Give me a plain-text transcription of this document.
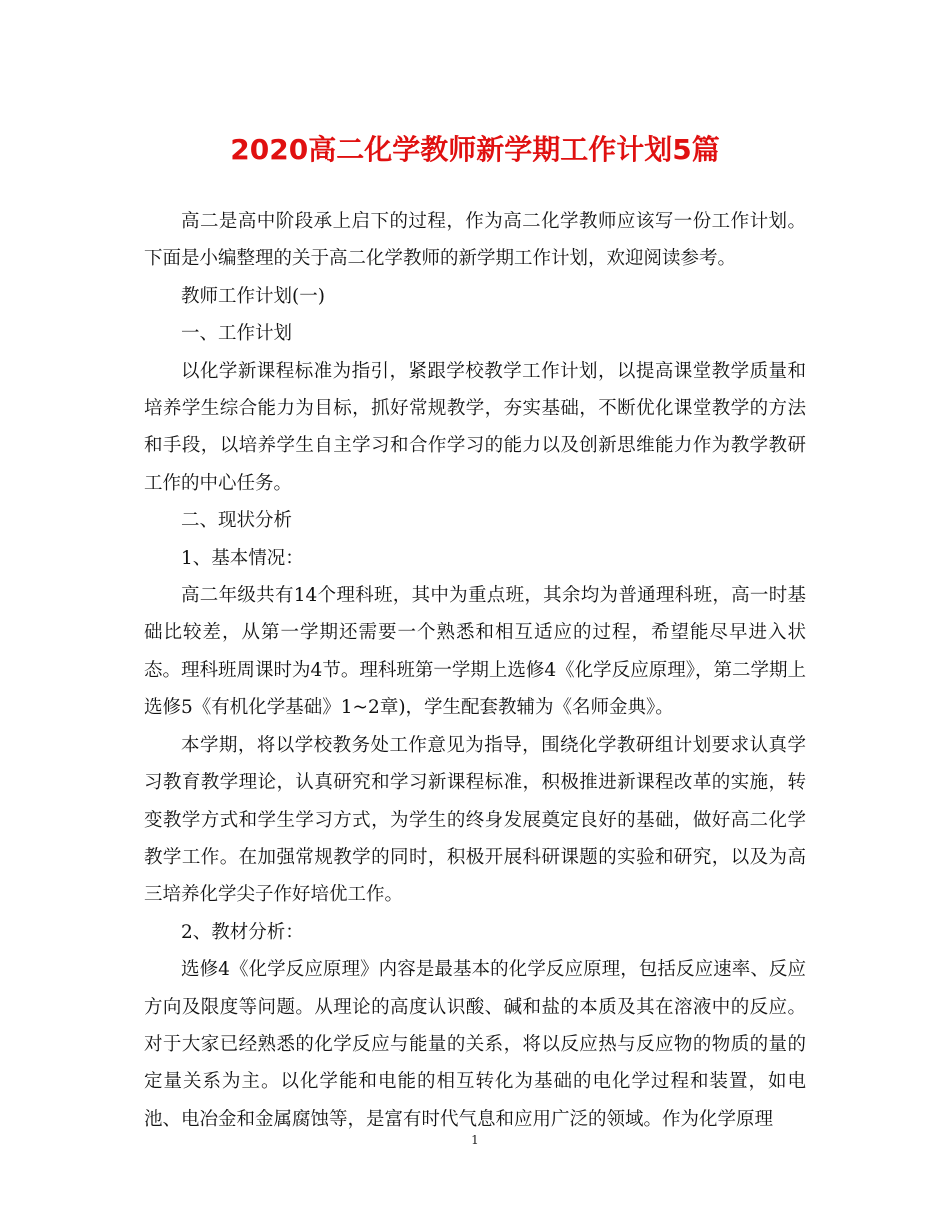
2020高二化学教师新学期工作计划5篇

高二是高中阶段承上启下的过程，作为高二化学教师应该写一份工作计划。下面是小编整理的关于高二化学教师的新学期工作计划，欢迎阅读参考。

教师工作计划(一)

一、工作计划

以化学新课程标准为指引，紧跟学校教学工作计划，以提高课堂教学质量和培养学生综合能力为目标，抓好常规教学，夯实基础，不断优化课堂教学的方法和手段，以培养学生自主学习和合作学习的能力以及创新思维能力作为教学教研工作的中心任务。

二、现状分析

1、基本情况：

高二年级共有14个理科班，其中为重点班，其余均为普通理科班，高一时基础比较差，从第一学期还需要一个熟悉和相互适应的过程，希望能尽早进入状态。理科班周课时为4节。理科班第一学期上选修4《化学反应原理》，第二学期上选修5《有机化学基础》1~2章)，学生配套教辅为《名师金典》。

本学期，将以学校教务处工作意见为指导，围绕化学教研组计划要求认真学习教育教学理论，认真研究和学习新课程标准，积极推进新课程改革的实施，转变教学方式和学生学习方式，为学生的终身发展奠定良好的基础，做好高二化学教学工作。在加强常规教学的同时，积极开展科研课题的实验和研究，以及为高三培养化学尖子作好培优工作。

2、教材分析：

选修4《化学反应原理》内容是最基本的化学反应原理，包括反应速率、反应方向及限度等问题。从理论的高度认识酸、碱和盐的本质及其在溶液中的反应。对于大家已经熟悉的化学反应与能量的关系，将以反应热与反应物的物质的量的定量关系为主。以化学能和电能的相互转化为基础的电化学过程和装置，如电池、电冶金和金属腐蚀等，是富有时代气息和应用广泛的领域。作为化学原理

1
